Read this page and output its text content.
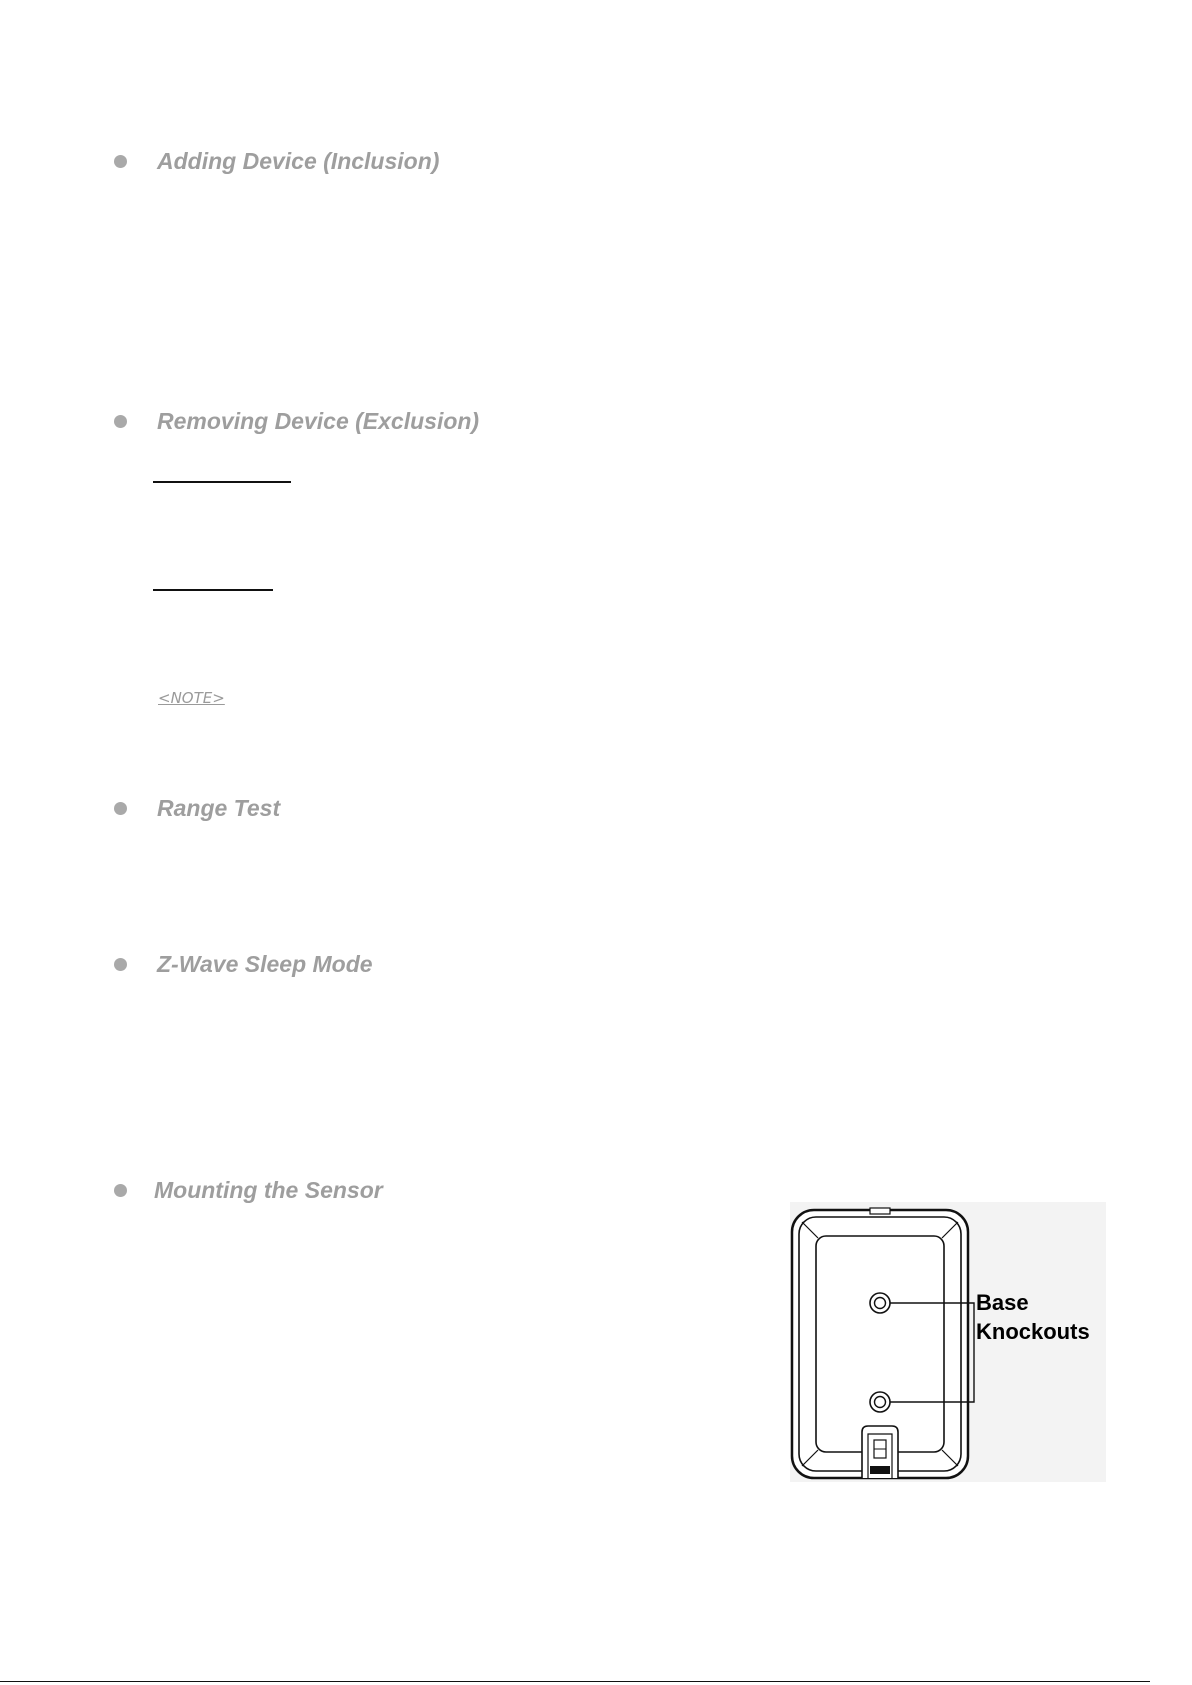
Adding Device (Inclusion)
Removing Device (Exclusion)
<NOTE>
Range Test
Z-Wave Sleep Mode
Mounting the Sensor
Base
Knockouts
